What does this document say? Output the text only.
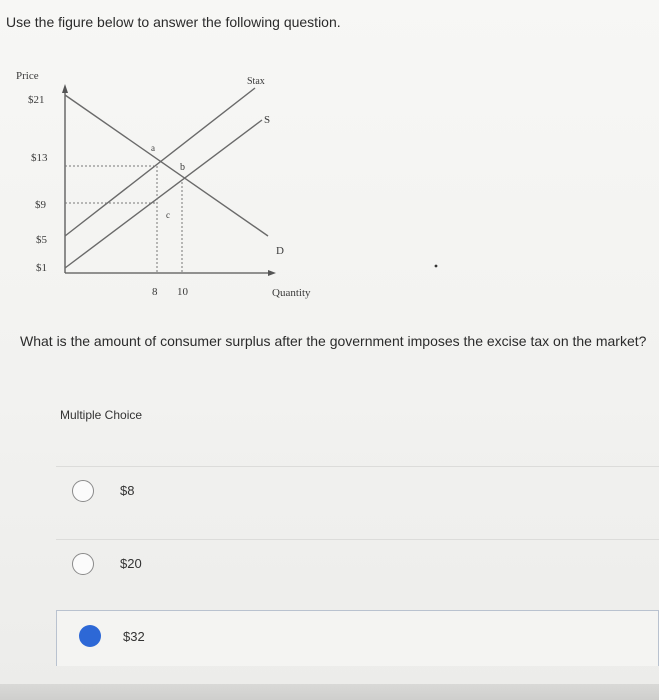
Use the figure below to answer the following question.
Price
$21
$13
$9
$5
$1
8 10	Quantity
Stax
S
D
a
b
c
What is the amount of consumer surplus after the government imposes the excise tax on the market?
Multiple Choice
$8
$20
$32
